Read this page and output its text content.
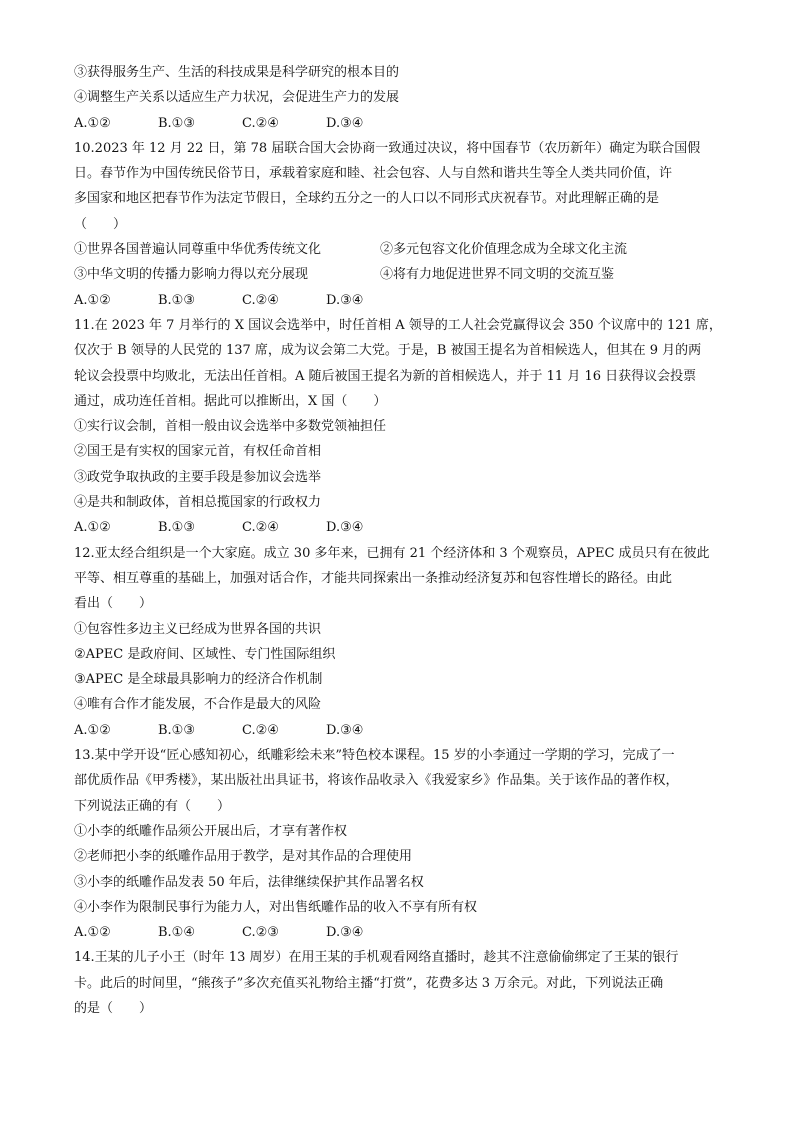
③获得服务生产、生活的科技成果是科学研究的根本目的
④调整生产关系以适应生产力状况，会促进生产力的发展
A.①②	B.①③	C.②④	D.③④
10.2023 年 12 月 22 日，第 78 届联合国大会协商一致通过决议，将中国春节（农历新年）确定为联合国假
日。春节作为中国传统民俗节日，承载着家庭和睦、社会包容、人与自然和谐共生等全人类共同价值，许
多国家和地区把春节作为法定节假日，全球约五分之一的人口以不同形式庆祝春节。对此理解正确的是
（　　）
①世界各国普遍认同尊重中华优秀传统文化	②多元包容文化价值理念成为全球文化主流
③中华文明的传播力影响力得以充分展现	④将有力地促进世界不同文明的交流互鉴
A.①②	B.①③	C.②④	D.③④
11.在 2023 年 7 月举行的 X 国议会选举中，时任首相 A 领导的工人社会党赢得议会 350 个议席中的 121 席，
仅次于 B 领导的人民党的 137 席，成为议会第二大党。于是，B 被国王提名为首相候选人，但其在 9 月的两
轮议会投票中均败北，无法出任首相。A 随后被国王提名为新的首相候选人，并于 11 月 16 日获得议会投票
通过，成功连任首相。据此可以推断出，X 国（　　）
①实行议会制，首相一般由议会选举中多数党领袖担任
②国王是有实权的国家元首，有权任命首相
③政党争取执政的主要手段是参加议会选举
④是共和制政体，首相总揽国家的行政权力
A.①②	B.①③	C.②④	D.③④
12.亚太经合组织是一个大家庭。成立 30 多年来，已拥有 21 个经济体和 3 个观察员，APEC 成员只有在彼此
平等、相互尊重的基础上，加强对话合作，才能共同探索出一条推动经济复苏和包容性增长的路径。由此
看出（　　）
①包容性多边主义已经成为世界各国的共识
②APEC 是政府间、区域性、专门性国际组织
③APEC 是全球最具影响力的经济合作机制
④唯有合作才能发展，不合作是最大的风险
A.①②	B.①③	C.②④	D.③④
13.某中学开设“匠心感知初心，纸雕彩绘未来”特色校本课程。15 岁的小李通过一学期的学习，完成了一
部优质作品《甲秀楼》，某出版社出具证书，将该作品收录入《我爱家乡》作品集。关于该作品的著作权，
下列说法正确的有（　　）
①小李的纸雕作品须公开展出后，才享有著作权
②老师把小李的纸雕作品用于教学，是对其作品的合理使用
③小李的纸雕作品发表 50 年后，法律继续保护其作品署名权
④小李作为限制民事行为能力人，对出售纸雕作品的收入不享有所有权
A.①②	B.①④	C.②③	D.③④
14.王某的儿子小王（时年 13 周岁）在用王某的手机观看网络直播时，趁其不注意偷偷绑定了王某的银行
卡。此后的时间里，“熊孩子”多次充值买礼物给主播“打赏”，花费多达 3 万余元。对此，下列说法正确
的是（　　）
